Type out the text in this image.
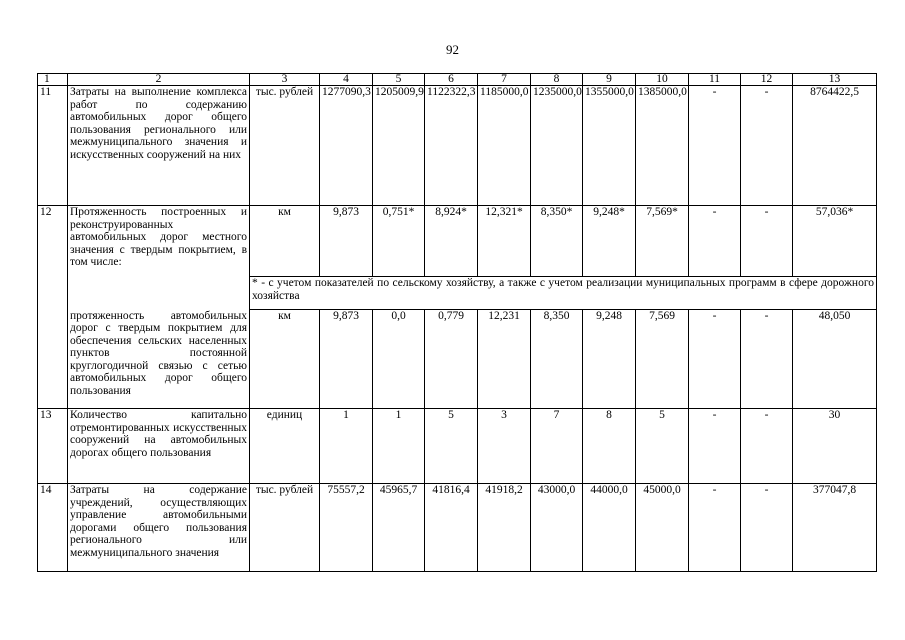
92
1	2	3	4	5	6	7	8	9	10	11	12	13
11	Затраты на выполнение комплекса работ по содержанию автомобильных дорог общего пользования регионального или межмуниципального значения и искусственных сооружений на них	тыс. рублей	1277090,3	1205009,9	1122322,3	1185000,0	1235000,0	1355000,0	1385000,0	-	-	8764422,5
12	Протяженность построенных и реконструированных автомобильных дорог местного значения с твердым покрытием, в том числе:	км	9,873	0,751*	8,924*	12,321*	8,350*	9,248*	7,569*	-	-	57,036*
		* - с учетом показателей по сельскому хозяйству, а также с учетом реализации муниципальных программ в сфере дорожного хозяйства										
	протяженность автомобильных дорог с твердым покрытием для обеспечения сельских населенных пунктов постоянной круглогодичной связью с сетью автомобильных дорог общего пользования	км	9,873	0,0	0,779	12,231	8,350	9,248	7,569	-	-	48,050
13	Количество капитально отремонтированных искусственных сооружений на автомобильных дорогах общего пользования	единиц	1	1	5	3	7	8	5	-	-	30
14	Затраты на содержание учреждений, осуществляющих управление автомобильными дорогами общего пользования регионального или межмуниципального значения	тыс. рублей	75557,2	45965,7	41816,4	41918,2	43000,0	44000,0	45000,0	-	-	377047,8
